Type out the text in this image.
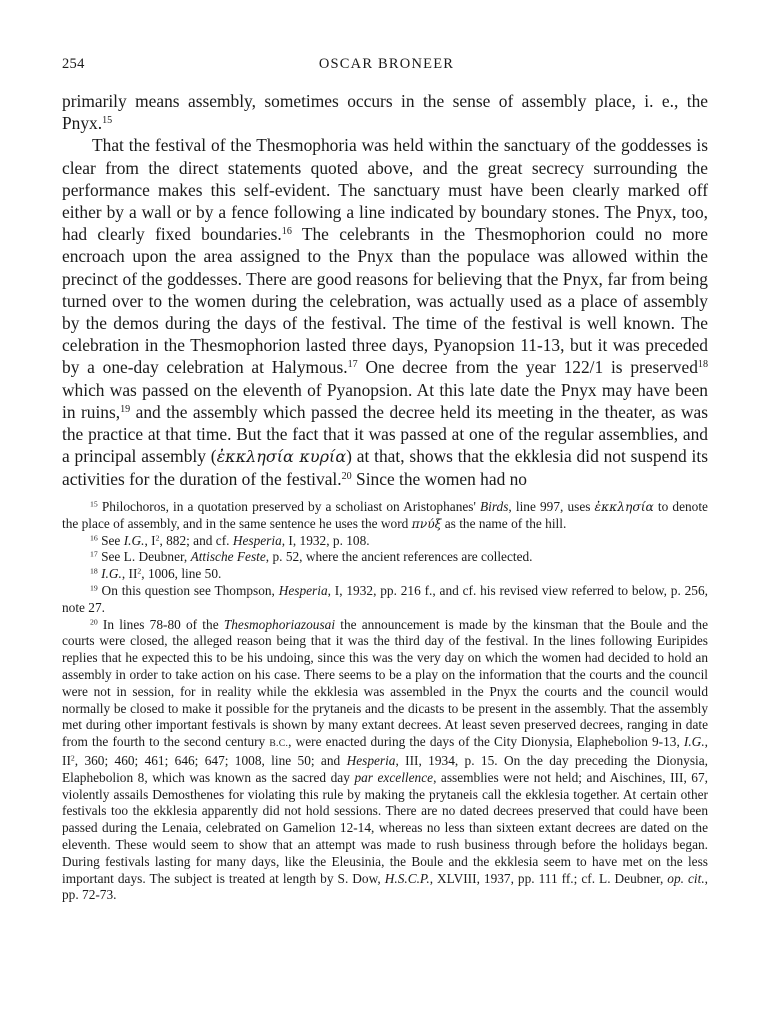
254	OSCAR BRONEER

primarily means assembly, sometimes occurs in the sense of assembly place, i. e., the Pnyx.$^{15}$

That the festival of the Thesmophoria was held within the sanctuary of the goddesses is clear from the direct statements quoted above, and the great secrecy surrounding the performance makes this self-evident. The sanctuary must have been clearly marked off either by a wall or by a fence following a line indicated by boundary stones. The Pnyx, too, had clearly fixed boundaries.$^{16}$ The celebrants in the Thesmophorion could no more encroach upon the area assigned to the Pnyx than the populace was allowed within the precinct of the goddesses. There are good reasons for believing that the Pnyx, far from being turned over to the women during the celebration, was actually used as a place of assembly by the demos during the days of the festival. The time of the festival is well known. The celebration in the Thesmophorion lasted three days, Pyanopsion 11-13, but it was preceded by a one-day celebration at Halymous.$^{17}$ One decree from the year 122/1 is preserved$^{18}$ which was passed on the eleventh of Pyanopsion. At this late date the Pnyx may have been in ruins,$^{19}$ and the assembly which passed the decree held its meeting in the theater, as was the practice at that time. But the fact that it was passed at one of the regular assemblies, and a principal assembly (ἐκκλησία κυρία) at that, shows that the ekklesia did not suspend its activities for the duration of the festival.$^{20}$ Since the women had no

$^{15}$ Philochoros, in a quotation preserved by a scholiast on Aristophanes' Birds, line 997, uses ἐκκλησία to denote the place of assembly, and in the same sentence he uses the word πνύξ as the name of the hill.

$^{16}$ See I.G., $I^2$, 882; and cf. Hesperia, I, 1932, p. 108.

$^{17}$ See L. Deubner, Attische Feste, p. 52, where the ancient references are collected.

$^{18}$ I.G., $II^2$, 1006, line 50.

$^{19}$ On this question see Thompson, Hesperia, I, 1932, pp. 216 f., and cf. his revised view referred to below, p. 256, note 27.

$^{20}$ In lines 78-80 of the Thesmophoriazousai the announcement is made by the kinsman that the Boule and the courts were closed, the alleged reason being that it was the third day of the festival. In the lines following Euripides replies that he expected this to be his undoing, since this was the very day on which the women had decided to hold an assembly in order to take action on his case. There seems to be a play on the information that the courts and the council were not in session, for in reality while the ekklesia was assembled in the Pnyx the courts and the council would normally be closed to make it possible for the prytaneis and the dicasts to be present in the assembly. That the assembly met during other important festivals is shown by many extant decrees. At least seven preserved decrees, ranging in date from the fourth to the second century B.C., were enacted during the days of the City Dionysia, Elaphebolion 9-13, I.G., $II^2$, 360; 460; 461; 646; 647; 1008, line 50; and Hesperia, III, 1934, p. 15. On the day preceding the Dionysia, Elaphebolion 8, which was known as the sacred day par excellence, assemblies were not held; and Aischines, III, 67, violently assails Demosthenes for violating this rule by making the prytaneis call the ekklesia together. At certain other festivals too the ekklesia apparently did not hold sessions. There are no dated decrees preserved that could have been passed during the Lenaia, celebrated on Gamelion 12-14, whereas no less than sixteen extant decrees are dated on the eleventh. These would seem to show that an attempt was made to rush business through before the holidays began. During festivals lasting for many days, like the Eleusinia, the Boule and the ekklesia seem to have met on the less important days. The subject is treated at length by S. Dow, H.S.C.P., XLVIII, 1937, pp. 111 ff.; cf. L. Deubner, op. cit., pp. 72-73.
